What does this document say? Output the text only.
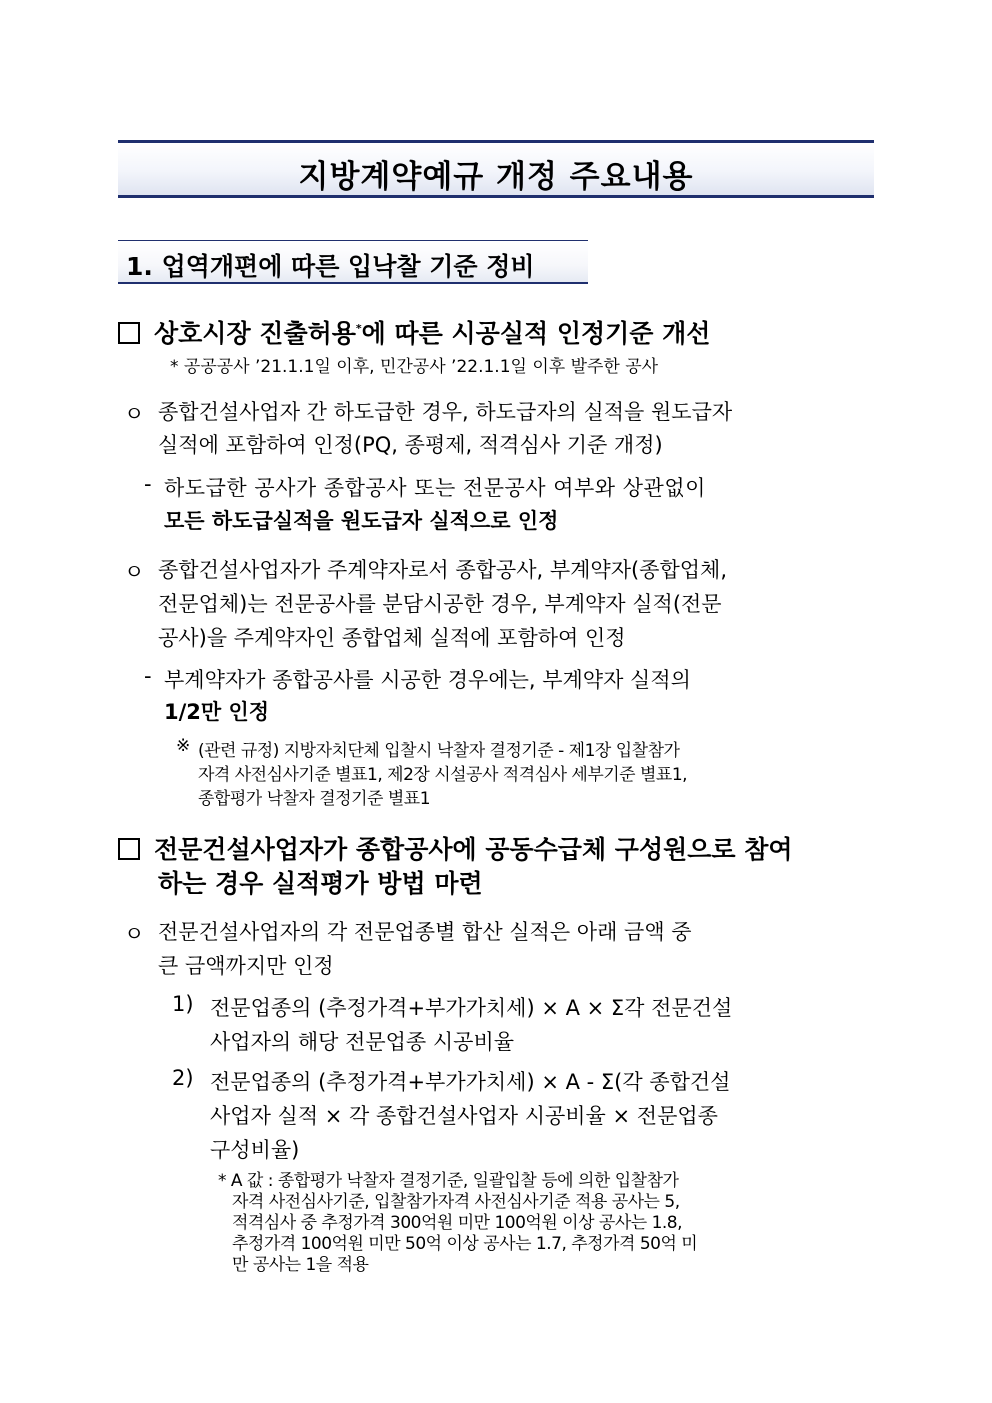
지방계약예규 개정 주요내용
1. 업역개편에 따른 입낙찰 기준 정비
상호시장 진출허용*에 따른 시공실적 인정기준 개선
* 공공공사 ’21.1.1일 이후, 민간공사 ’22.1.1일 이후 발주한 공사
ㅇ 종합건설사업자 간 하도급한 경우, 하도급자의 실적을 원도급자
실적에 포함하여 인정(PQ, 종평제, 적격심사 기준 개정)
- 하도급한 공사가 종합공사 또는 전문공사 여부와 상관없이
모든 하도급실적을 원도급자 실적으로 인정
ㅇ 종합건설사업자가 주계약자로서 종합공사, 부계약자(종합업체,
전문업체)는 전문공사를 분담시공한 경우, 부계약자 실적(전문
공사)을 주계약자인 종합업체 실적에 포함하여 인정
- 부계약자가 종합공사를 시공한 경우에는, 부계약자 실적의
1/2만 인정
※ (관련 규정) 지방자치단체 입찰시 낙찰자 결정기준 - 제1장 입찰참가
자격 사전심사기준 별표1, 제2장 시설공사 적격심사 세부기준 별표1,
종합평가 낙찰자 결정기준 별표1
전문건설사업자가 종합공사에 공동수급체 구성원으로 참여
하는 경우 실적평가 방법 마련
ㅇ 전문건설사업자의 각 전문업종별 합산 실적은 아래 금액 중
큰 금액까지만 인정
1) 전문업종의 (추정가격+부가가치세) × A × Σ각 전문건설
사업자의 해당 전문업종 시공비율
2) 전문업종의 (추정가격+부가가치세) × A - Σ(각 종합건설
사업자 실적 × 각 종합건설사업자 시공비율 × 전문업종
구성비율)
* A 값 : 종합평가 낙찰자 결정기준, 일괄입찰 등에 의한 입찰참가
자격 사전심사기준, 입찰참가자격 사전심사기준 적용 공사는 5,
적격심사 중 추정가격 300억원 미만 100억원 이상 공사는 1.8,
추정가격 100억원 미만 50억 이상 공사는 1.7, 추정가격 50억 미
만 공사는 1을 적용
